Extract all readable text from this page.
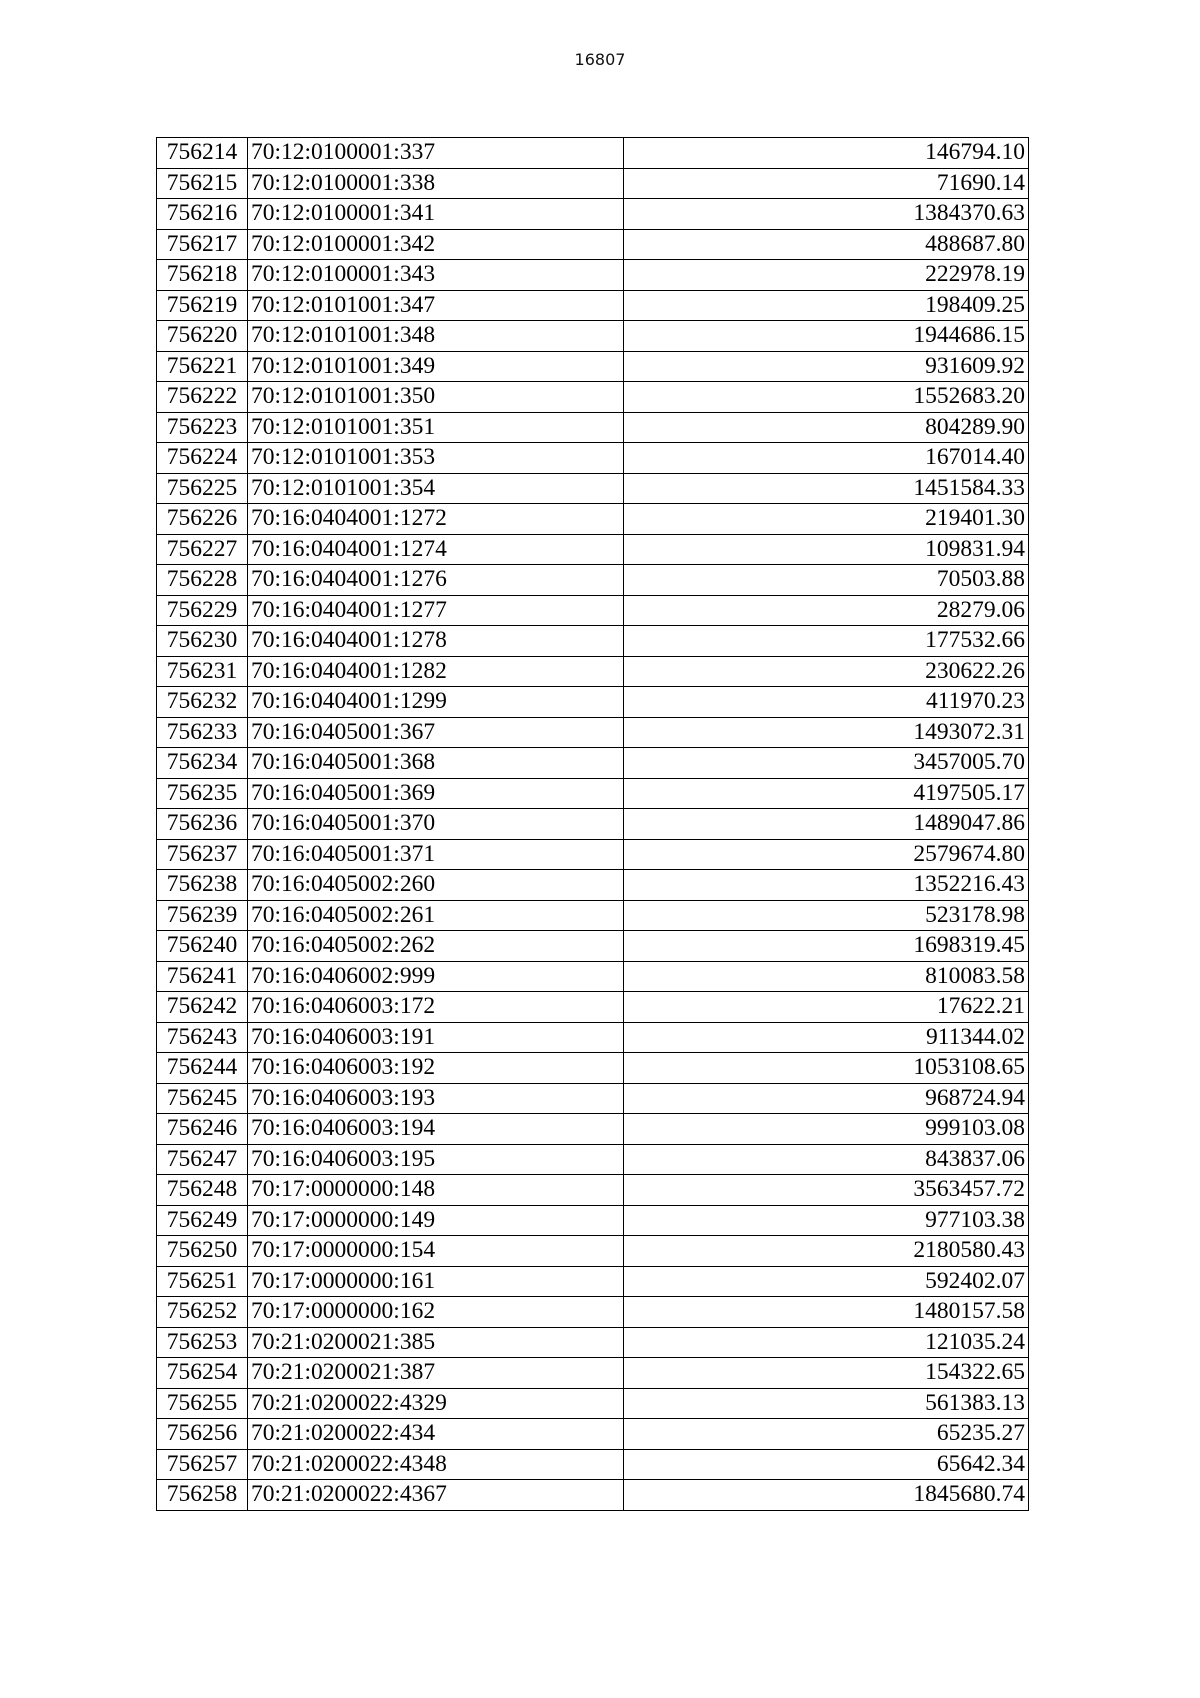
16807
756214	70:12:0100001:337	146794.10
756215	70:12:0100001:338	71690.14
756216	70:12:0100001:341	1384370.63
756217	70:12:0100001:342	488687.80
756218	70:12:0100001:343	222978.19
756219	70:12:0101001:347	198409.25
756220	70:12:0101001:348	1944686.15
756221	70:12:0101001:349	931609.92
756222	70:12:0101001:350	1552683.20
756223	70:12:0101001:351	804289.90
756224	70:12:0101001:353	167014.40
756225	70:12:0101001:354	1451584.33
756226	70:16:0404001:1272	219401.30
756227	70:16:0404001:1274	109831.94
756228	70:16:0404001:1276	70503.88
756229	70:16:0404001:1277	28279.06
756230	70:16:0404001:1278	177532.66
756231	70:16:0404001:1282	230622.26
756232	70:16:0404001:1299	411970.23
756233	70:16:0405001:367	1493072.31
756234	70:16:0405001:368	3457005.70
756235	70:16:0405001:369	4197505.17
756236	70:16:0405001:370	1489047.86
756237	70:16:0405001:371	2579674.80
756238	70:16:0405002:260	1352216.43
756239	70:16:0405002:261	523178.98
756240	70:16:0405002:262	1698319.45
756241	70:16:0406002:999	810083.58
756242	70:16:0406003:172	17622.21
756243	70:16:0406003:191	911344.02
756244	70:16:0406003:192	1053108.65
756245	70:16:0406003:193	968724.94
756246	70:16:0406003:194	999103.08
756247	70:16:0406003:195	843837.06
756248	70:17:0000000:148	3563457.72
756249	70:17:0000000:149	977103.38
756250	70:17:0000000:154	2180580.43
756251	70:17:0000000:161	592402.07
756252	70:17:0000000:162	1480157.58
756253	70:21:0200021:385	121035.24
756254	70:21:0200021:387	154322.65
756255	70:21:0200022:4329	561383.13
756256	70:21:0200022:434	65235.27
756257	70:21:0200022:4348	65642.34
756258	70:21:0200022:4367	1845680.74
